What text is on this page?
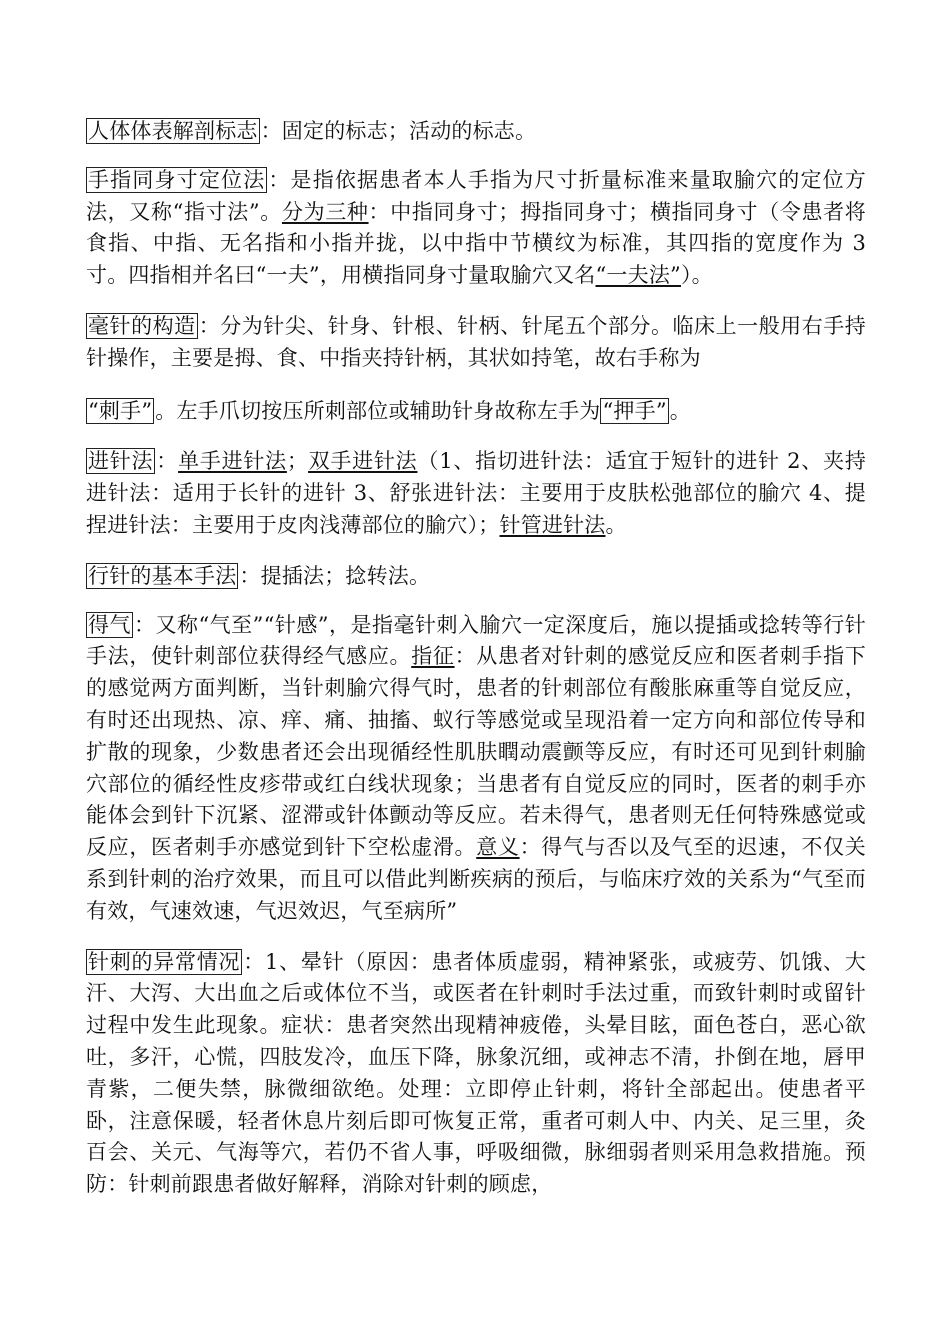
人体体表解剖标志 ：固定的标志；活动的标志。

手指同身寸定位法 ：是指依据患者本人手指为尺寸折量标准来量取腧穴的定位方法，又称“指寸法”。分为三种：中指同身寸；拇指同身寸；横指同身寸（令患者将食指、中指、无名指和小指并拢，以中指中节横纹为标准，其四指的宽度作为 3 寸。四指相并名曰“一夫”，用横指同身寸量取腧穴又名“一夫法”）。

毫针的构造 ：分为针尖、针身、针根、针柄、针尾五个部分。临床上一般用右手持针操作，主要是拇、食、中指夹持针柄，其状如持笔，故右手称为
“刺手” 。左手爪切按压所刺部位或辅助针身故称左手为“押手” 。

进针法 ：单手进针法；双手进针法（1、指切进针法：适宜于短针的进针 2、夹持进针法：适用于长针的进针 3、舒张进针法：主要用于皮肤松弛部位的腧穴 4、提捏进针法：主要用于皮肉浅薄部位的腧穴）；针管进针法。

行针的基本手法 ：提插法；捻转法。

得气 ：又称“气至”“针感”，是指毫针刺入腧穴一定深度后，施以提插或捻转等行针手法，使针刺部位获得经气感应。指征：从患者对针刺的感觉反应和医者刺手指下的感觉两方面判断，当针刺腧穴得气时，患者的针刺部位有酸胀麻重等自觉反应，有时还出现热、凉、痒、痛、抽搐、蚁行等感觉或呈现沿着一定方向和部位传导和扩散的现象，少数患者还会出现循经性肌肤瞤动震颤等反应，有时还可见到针刺腧穴部位的循经性皮疹带或红白线状现象；当患者有自觉反应的同时，医者的刺手亦能体会到针下沉紧、涩滞或针体颤动等反应。若未得气，患者则无任何特殊感觉或反应，医者刺手亦感觉到针下空松虚滑。意义：得气与否以及气至的迟速，不仅关系到针刺的治疗效果，而且可以借此判断疾病的预后，与临床疗效的关系为“气至而有效，气速效速，气迟效迟，气至病所”

针刺的异常情况 ：1、晕针（原因：患者体质虚弱，精神紧张，或疲劳、饥饿、大汗、大泻、大出血之后或体位不当，或医者在针刺时手法过重，而致针刺时或留针过程中发生此现象。症状：患者突然出现精神疲倦，头晕目眩，面色苍白，恶心欲吐，多汗，心慌，四肢发冷，血压下降，脉象沉细，或神志不清，扑倒在地，唇甲青紫，二便失禁，脉微细欲绝。处理：立即停止针刺，将针全部起出。使患者平卧，注意保暖，轻者休息片刻后即可恢复正常，重者可刺人中、内关、足三里，灸百会、关元、气海等穴，若仍不省人事，呼吸细微，脉细弱者则采用急救措施。预防：针刺前跟患者做好解释，消除对针刺的顾虑，
